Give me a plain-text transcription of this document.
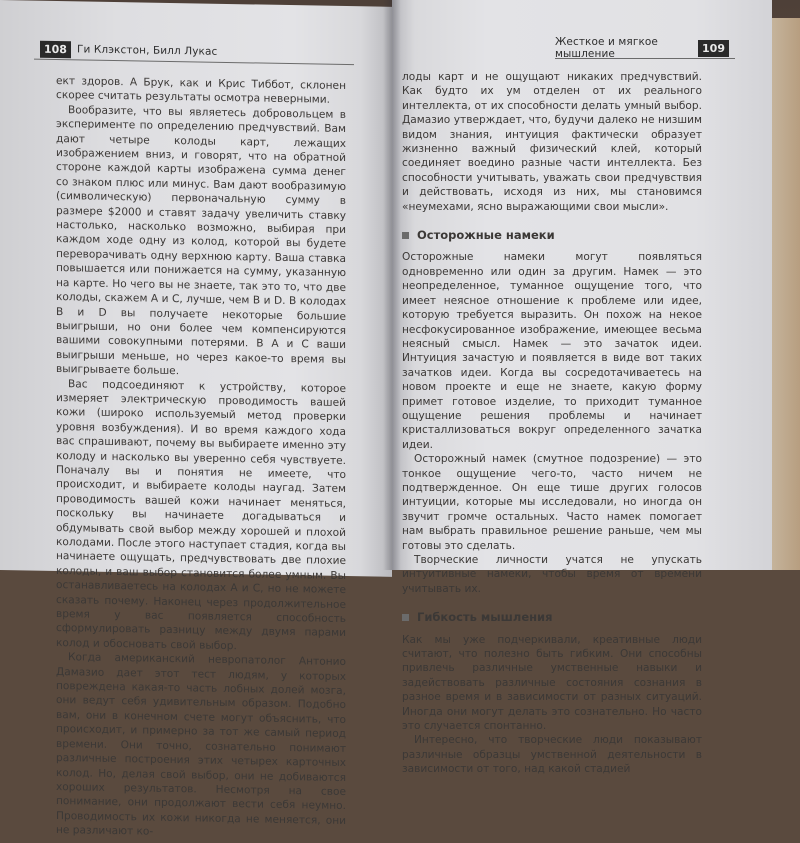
108 Ги Клэкстон, Билл Лукас

ект здоров. А Брук, как и Крис Тиббот, склонен скорее считать результаты осмотра неверными.

Вообразите, что вы являетесь добровольцем в эксперименте по определению предчувствий. Вам дают четыре колоды карт, лежащих изображением вниз, и говорят, что на обратной стороне каждой карты изображена сумма денег со знаком плюс или минус. Вам дают вообразимую (символическую) первоначальную сумму в размере $2000 и ставят задачу увеличить ставку настолько, насколько возможно, выбирая при каждом ходе одну из колод, которой вы будете переворачивать одну верхнюю карту. Ваша ставка повышается или понижается на сумму, указанную на карте. Но чего вы не знаете, так это то, что две колоды, скажем А и С, лучше, чем В и D. В колодах В и D вы получаете некоторые большие выигрыши, но они более чем компенсируются вашими совокупными потерями. В А и С ваши выигрыши меньше, но через какое-то время вы выигрываете больше.

Вас подсоединяют к устройству, которое измеряет электрическую проводимость вашей кожи (широко используемый метод проверки уровня возбуждения). И во время каждого хода вас спрашивают, почему вы выбираете именно эту колоду и насколько вы уверенно себя чувствуете. Поначалу вы и понятия не имеете, что происходит, и выбираете колоды наугад. Затем проводимость вашей кожи начинает меняться, поскольку вы начинаете догадываться и обдумывать свой выбор между хорошей и плохой колодами. После этого наступает стадия, когда вы начинаете ощущать, предчувствовать две плохие колоды, и ваш выбор становится более умным. Вы останавливаетесь на колодах А и С, но не можете сказать почему. Наконец через продолжительное время у вас появляется способность сформулировать разницу между двумя парами колод и обосновать свой выбор.

Когда американский невропатолог Антонио Дамазио дает этот тест людям, у которых повреждена какая-то часть лобных долей мозга, они ведут себя удивительным образом. Подобно вам, они в конечном счете могут объяснить, что происходит, и примерно за тот же самый период времени. Они точно, сознательно понимают различные построения этих четырех карточных колод. Но, делая свой выбор, они не добиваются хороших результатов. Несмотря на свое понимание, они продолжают вести себя неумно. Проводимость их кожи никогда не меняется, они не различают ко-

Жесткое и мягкое мышление	109

лоды карт и не ощущают никаких предчувствий. Как будто их ум отделен от их реального интеллекта, от их способности делать умный выбор. Дамазио утверждает, что, будучи далеко не низшим видом знания, интуиция фактически образует жизненно важный физический клей, который соединяет воедино разные части интеллекта. Без способности учитывать, уважать свои предчувствия и действовать, исходя из них, мы становимся «неумехами, ясно выражающими свои мысли».

Осторожные намеки

Осторожные намеки могут появляться одновременно или один за другим. Намек — это неопределенное, туманное ощущение того, что имеет неясное отношение к проблеме или идее, которую требуется выразить. Он похож на некое несфокусированное изображение, имеющее весьма неясный смысл. Намек — это зачаток идеи. Интуиция зачастую и появляется в виде вот таких зачатков идеи. Когда вы сосредотачиваетесь на новом проекте и еще не знаете, какую форму примет готовое изделие, то приходит туманное ощущение решения проблемы и начинает кристаллизоваться вокруг определенного зачатка идеи.

Осторожный намек (смутное подозрение) — это тонкое ощущение чего-то, часто ничем не подтвержденное. Он еще тише других голосов интуиции, которые мы исследовали, но иногда он звучит громче остальных. Часто намек помогает нам выбрать правильное решение раньше, чем мы готовы это сделать.

Творческие личности учатся не упускать интуитивные намеки, чтобы время от времени учитывать их.

Гибкость мышления

Как мы уже подчеркивали, креативные люди считают, что полезно быть гибким. Они способны привлечь различные умственные навыки и задействовать различные состояния сознания в разное время и в зависимости от разных ситуаций. Иногда они могут делать это сознательно. Но часто это случается спонтанно.

Интересно, что творческие люди показывают различные образцы умственной деятельности в зависимости от того, над какой стадией
